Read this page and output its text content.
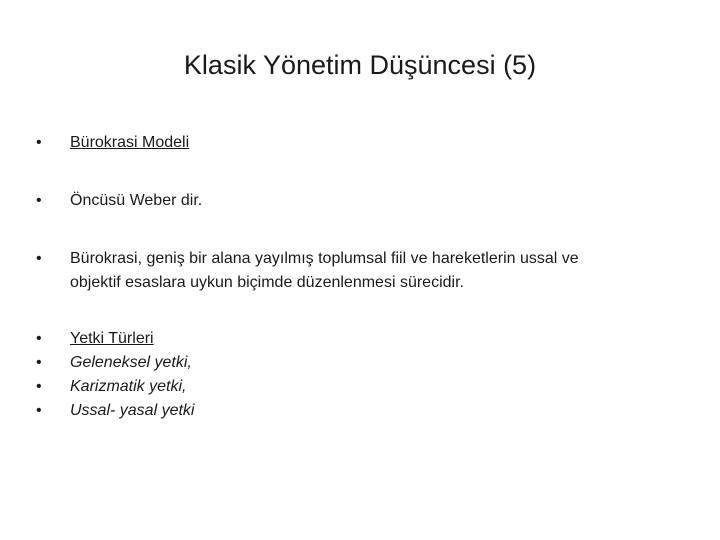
Klasik Yönetim Düşüncesi (5)
•	Bürokrasi Modeli
•	Öncüsü Weber dir.
•	Bürokrasi, geniş bir alana yayılmış toplumsal fiil ve hareketlerin ussal ve
objektif esaslara uykun biçimde düzenlenmesi sürecidir.
•	Yetki Türleri
•	Geleneksel yetki,
•	Karizmatik yetki,
•	Ussal- yasal yetki
